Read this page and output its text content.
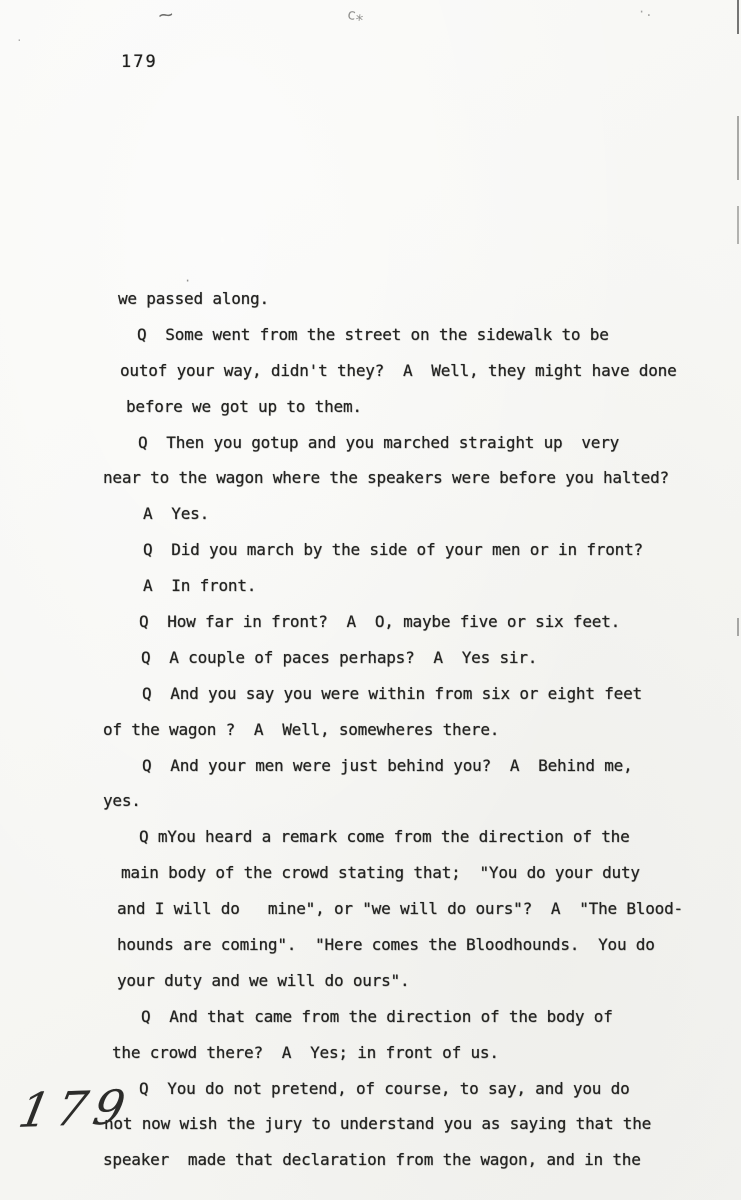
179
~	c⁎	·.
·
·
we passed along.
Q  Some went from the street on the sidewalk to be
outof your way, didn't they?  A  Well, they might have done
before we got up to them.
Q  Then you gotup and you marched straight up  very
near to the wagon where the speakers were before you halted?
A  Yes.
Q  Did you march by the side of your men or in front?
A  In front.
Q  How far in front?  A  O, maybe five or six feet.
Q  A couple of paces perhaps?  A  Yes sir.
Q  And you say you were within from six or eight feet
of the wagon ?  A  Well, somewheres there.
Q  And your men were just behind you?  A  Behind me,
yes.
Q mYou heard a remark come from the direction of the
main body of the crowd stating that;  "You do your duty
and I will do   mine", or "we will do ours"?  A  "The Blood-
hounds are coming".  "Here comes the Bloodhounds.  You do
your duty and we will do ours".
Q  And that came from the direction of the body of
the crowd there?  A  Yes; in front of us.
Q  You do not pretend, of course, to say, and you do
not now wish the jury to understand you as saying that the
speaker  made that declaration from the wagon, and in the
179
